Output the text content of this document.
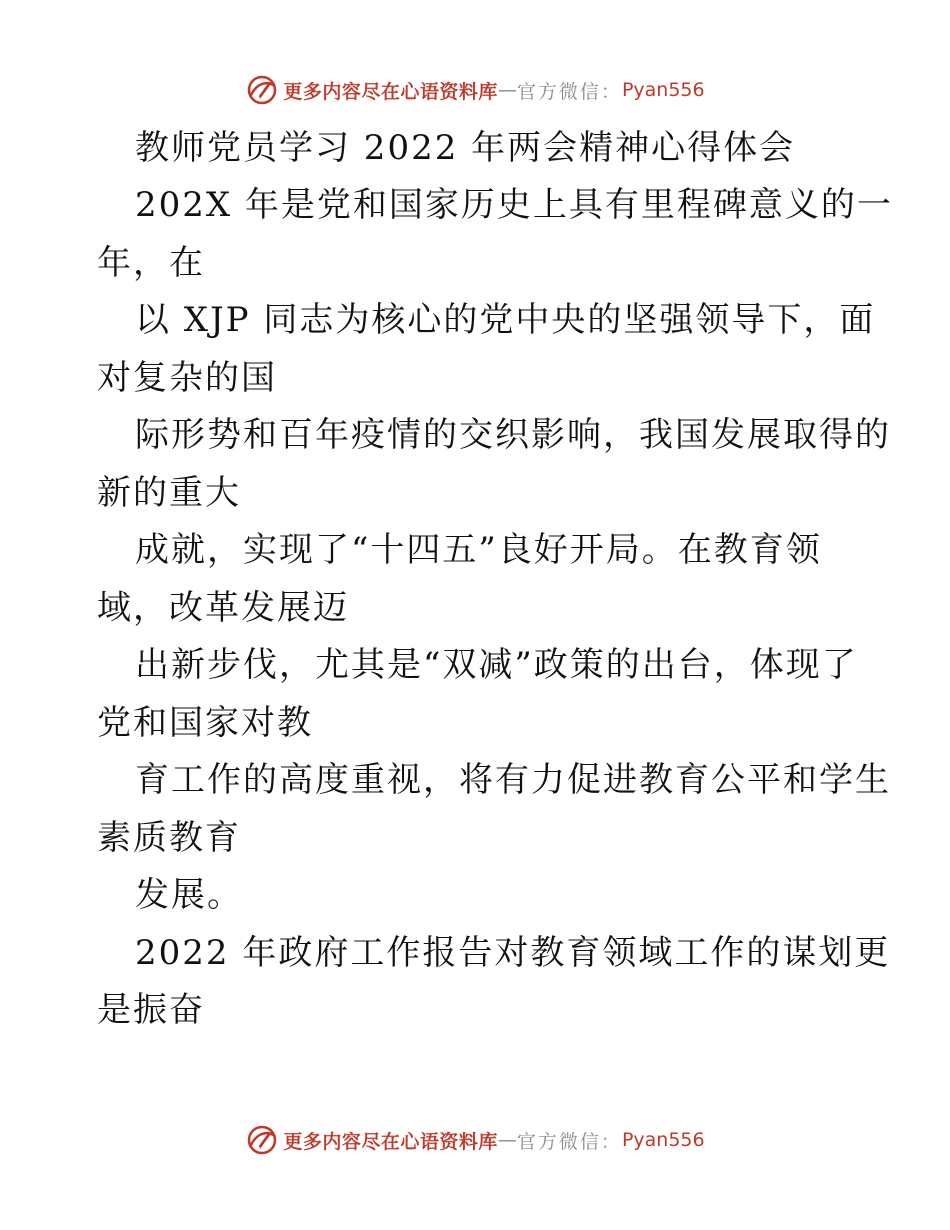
更多内容尽在心语资料库 — 官方微信： Pyan556
教师党员学习 2022 年两会精神心得体会
202X 年是党和国家历史上具有里程碑意义的一
年，在
以 XJP 同志为核心的党中央的坚强领导下，面
对复杂的国
际形势和百年疫情的交织影响，我国发展取得的
新的重大
成就，实现了“十四五”良好开局。在教育领
域，改革发展迈
出新步伐，尤其是“双减”政策的出台，体现了
党和国家对教
育工作的高度重视，将有力促进教育公平和学生
素质教育
发展。
2022 年政府工作报告对教育领域工作的谋划更
是振奋
更多内容尽在心语资料库 — 官方微信： Pyan556
